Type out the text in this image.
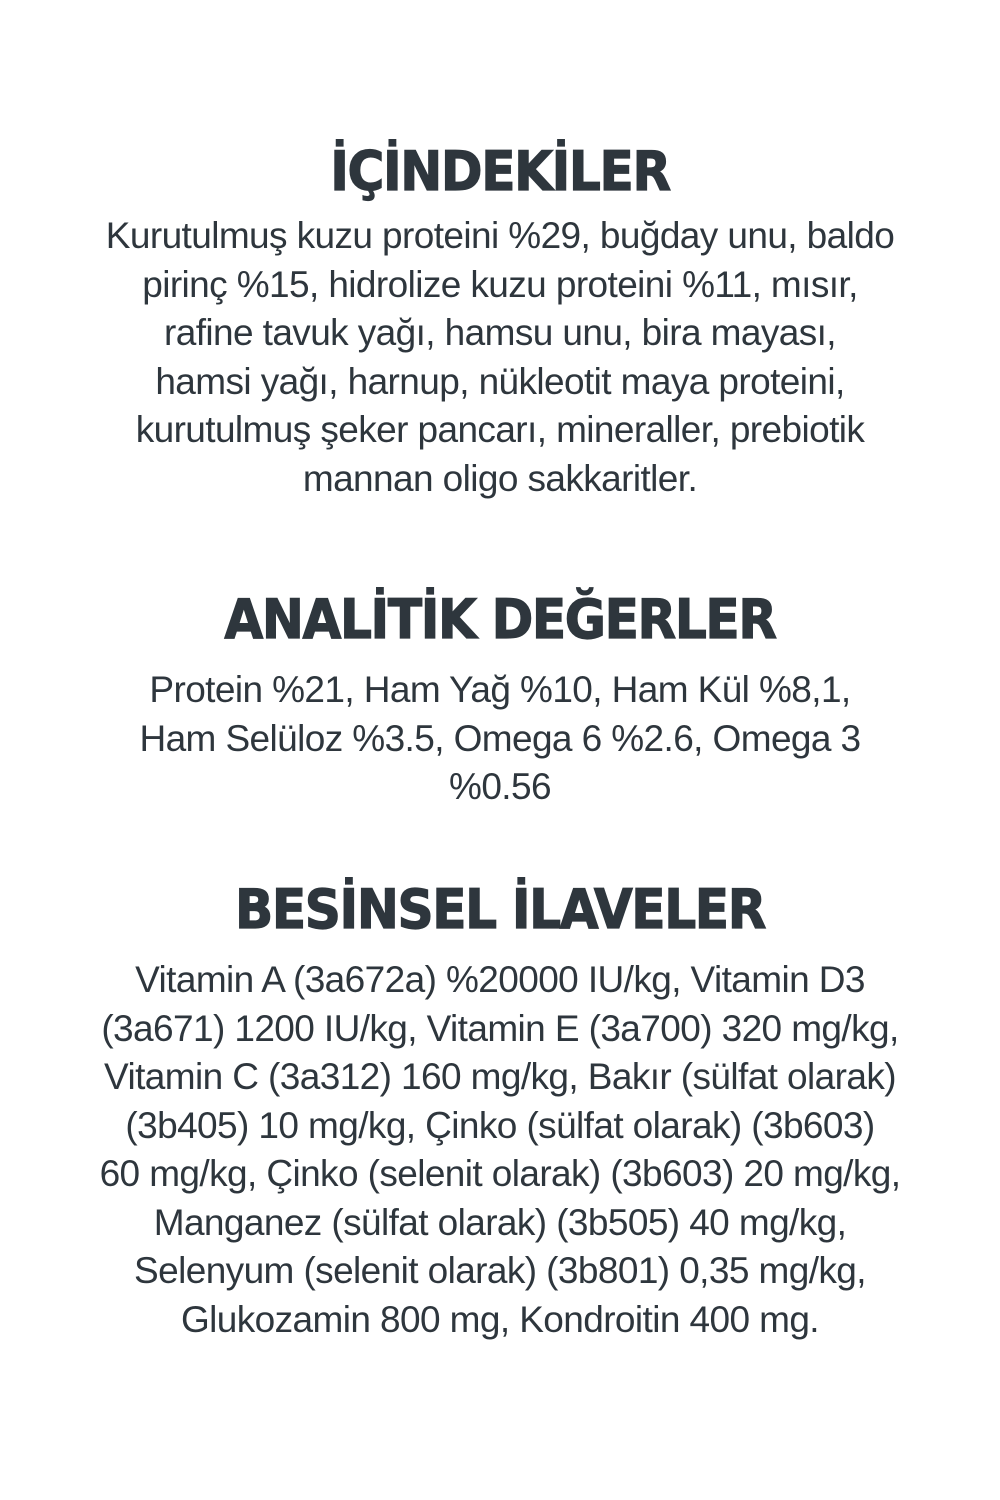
İÇİNDEKİLER

Kurutulmuş kuzu proteini %29, buğday unu, baldo
pirinç %15, hidrolize kuzu proteini %11, mısır,
rafine tavuk yağı, hamsu unu, bira mayası,
hamsi yağı, harnup, nükleotit maya proteini,
kurutulmuş şeker pancarı, mineraller, prebiotik
mannan oligo sakkaritler.

ANALİTİK DEĞERLER

Protein %21, Ham Yağ %10, Ham Kül %8,1,
Ham Selüloz %3.5, Omega 6 %2.6, Omega 3
%0.56

BESİNSEL İLAVELER

Vitamin A (3a672a) %20000 IU/kg, Vitamin D3
(3a671) 1200 IU/kg, Vitamin E (3a700) 320 mg/kg,
Vitamin C (3a312) 160 mg/kg, Bakır (sülfat olarak)
(3b405) 10 mg/kg, Çinko (sülfat olarak) (3b603)
60 mg/kg, Çinko (selenit olarak) (3b603) 20 mg/kg,
Manganez (sülfat olarak) (3b505) 40 mg/kg,
Selenyum (selenit olarak) (3b801) 0,35 mg/kg,
Glukozamin 800 mg, Kondroitin 400 mg.
